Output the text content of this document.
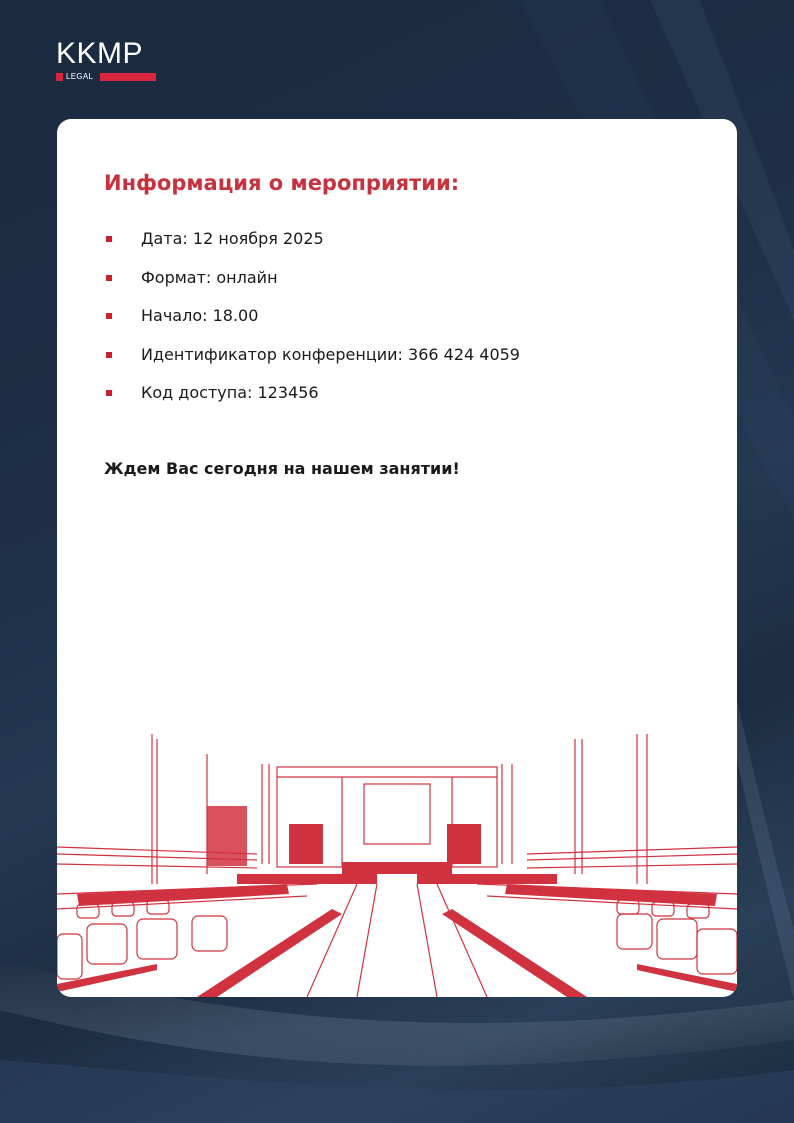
KKMP
LEGAL
Информация о мероприятии:
Дата: 12 ноября 2025
Формат: онлайн
Начало: 18.00
Идентификатор конференции: 366 424 4059
Код доступа: 123456

Ждем Вас сегодня на нашем занятии!
